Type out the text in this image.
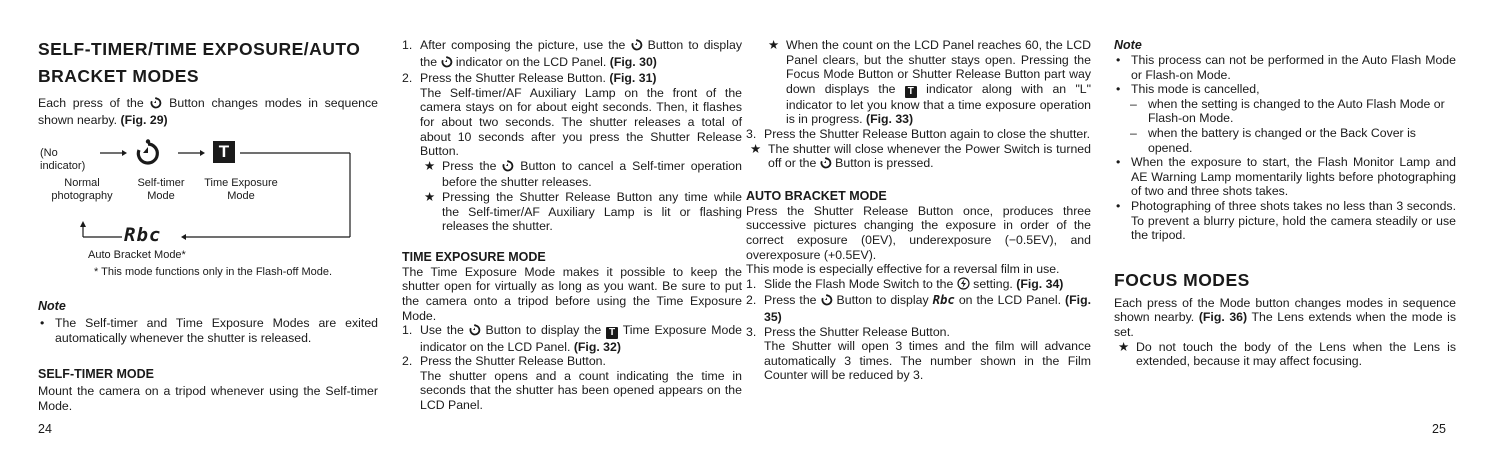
SELF-TIMER/TIME EXPOSURE/AUTO
BRACKET MODES

Each press of the  Button changes modes in sequence shown nearby. (Fig. 29)

(No indicator)
T
Normal
photography
Self-timer
Mode
Time Exposure
Mode
Rbc
Auto Bracket Mode*
* This mode functions only in the Flash-off Mode.
Note
• The Self-timer and Time Exposure Modes are exited automatically whenever the shutter is released.
SELF-TIMER MODE

Mount the camera on a tripod whenever using the Self-timer Mode.

24
1. After composing the picture, use the  Button to display the  indicator on the LCD Panel. (Fig. 30)
2. Press the Shutter Release Button. (Fig. 31)

The Self-timer/AF Auxiliary Lamp on the front of the camera stays on for about eight seconds. Then, it flashes for about two seconds. The shutter releases a total of about 10 seconds after you press the Shutter Release Button.

★ Press the  Button to cancel a Self-timer operation before the shutter releases.
★ Pressing the Shutter Release Button any time while the Self-timer/AF Auxiliary Lamp is lit or flashing releases the shutter.
TIME EXPOSURE MODE

The Time Exposure Mode makes it possible to keep the shutter open for virtually as long as you want. Be sure to put the camera onto a tripod before using the Time Exposure Mode.

1. Use the  Button to display the T Time Exposure Mode indicator on the LCD Panel. (Fig. 32)
2. Press the Shutter Release Button.

The shutter opens and a count indicating the time in seconds that the shutter has been opened appears on the LCD Panel.

★ When the count on the LCD Panel reaches 60, the LCD Panel clears, but the shutter stays open. Pressing the Focus Mode Button or Shutter Release Button part way down displays the T indicator along with an "L" indicator to let you know that a time exposure operation is in progress. (Fig. 33)
3. Press the Shutter Release Button again to close the shutter.
★ The shutter will close whenever the Power Switch is turned off or the  Button is pressed.
AUTO BRACKET MODE

Press the Shutter Release Button once, produces three successive pictures changing the exposure in order of the correct exposure (0EV), underexposure (−0.5EV), and overexposure (+0.5EV).

This mode is especially effective for a reversal film in use.

1. Slide the Flash Mode Switch to the  setting. (Fig. 34)
2. Press the  Button to display Rbc on the LCD Panel. (Fig. 35)
3. Press the Shutter Release Button.

The Shutter will open 3 times and the film will advance automatically 3 times. The number shown in the Film Counter will be reduced by 3.

Note
• This process can not be performed in the Auto Flash Mode or Flash-on Mode.
• This mode is cancelled,
– when the setting is changed to the Auto Flash Mode or Flash-on Mode.
– when the battery is changed or the Back Cover is opened.
• When the exposure to start, the Flash Monitor Lamp and AE Warning Lamp momentarily lights before photographing of two and three shots takes.
• Photographing of three shots takes no less than 3 seconds. To prevent a blurry picture, hold the camera steadily or use the tripod.
FOCUS MODES

Each press of the Mode button changes modes in sequence shown nearby. (Fig. 36) The Lens extends when the mode is set.

★ Do not touch the body of the Lens when the Lens is extended, because it may affect focusing.
25
